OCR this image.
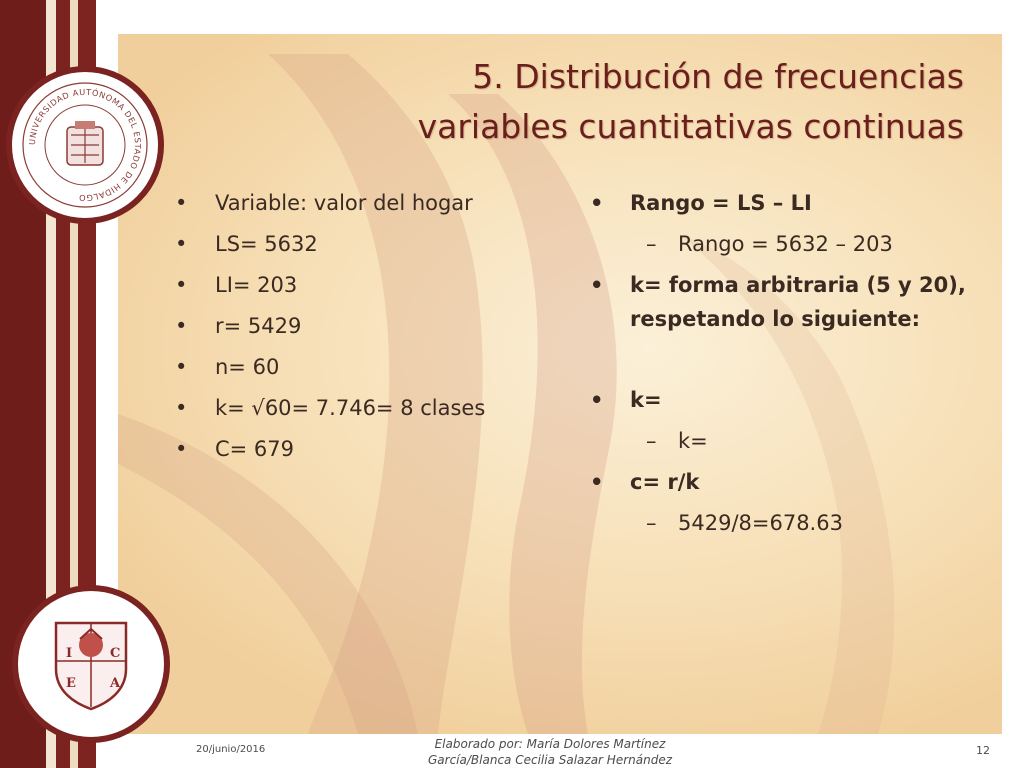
UNIVERSIDAD AUTÓNOMA DEL ESTADO DE HIDALGO
I	C
E	A
5. Distribución de frecuencias
variables cuantitativas continuas
•	Variable: valor del hogar
•	LS= 5632
•	LI= 203
•	r= 5429
•	n= 60
•	k= √60= 7.746= 8 clases
•	C= 679
•	Rango = LS – LI
– Rango = 5632 – 203
•	k= forma arbitraria (5 y 20), respetando lo siguiente:
•	k=
– k=
•	c= r/k
– 5429/8=678.63
20/junio/2016	Elaborado por: María Dolores Martínez
García/Blanca Cecilia Salazar Hernández
12
